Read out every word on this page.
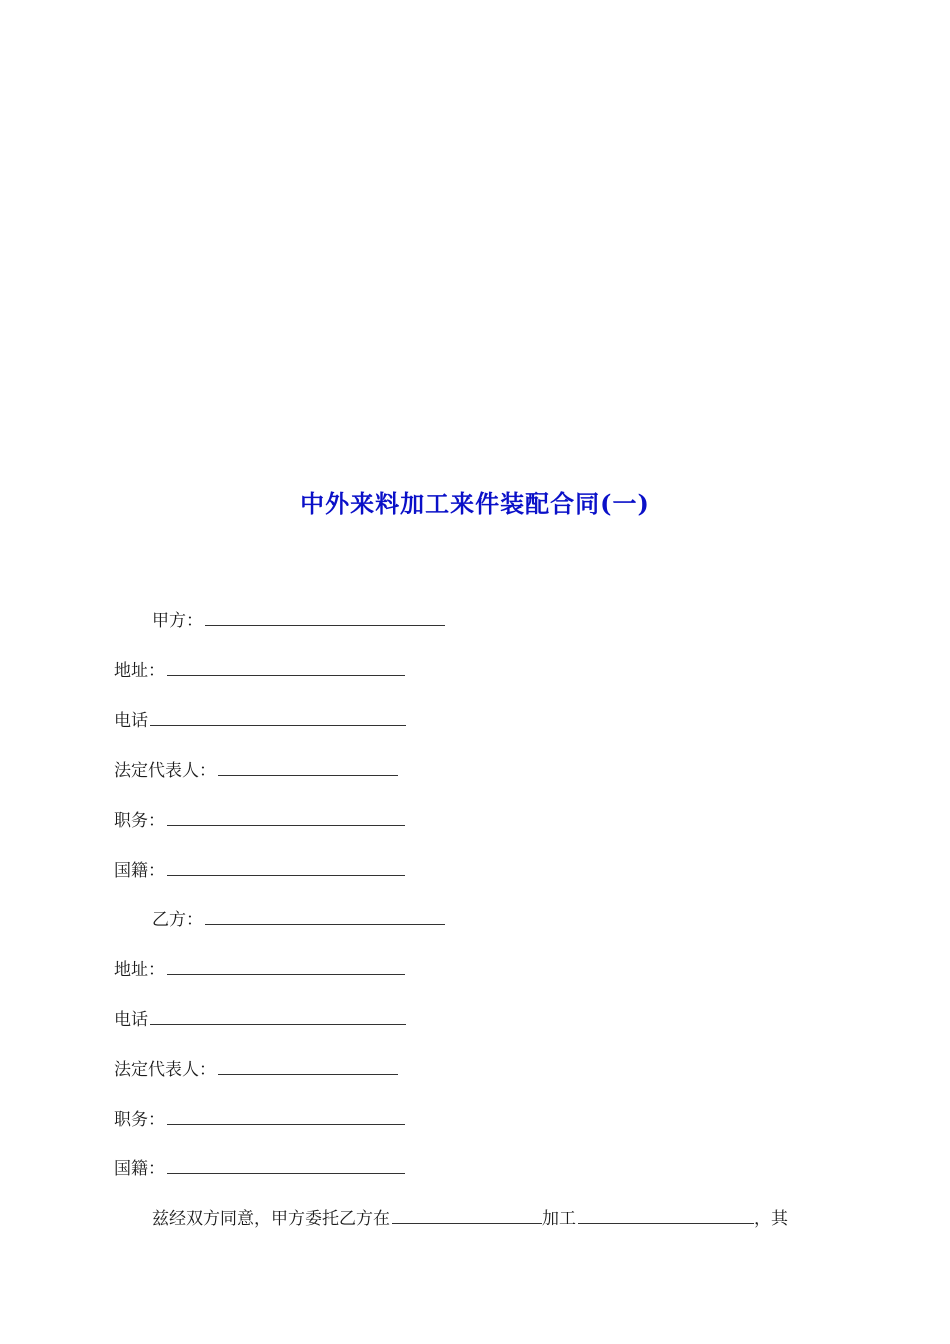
中外来料加工来件装配合同(一)
甲方：
地址：
电话
法定代表人：
职务：
国籍：
乙方：
地址：
电话
法定代表人：
职务：
国籍：
兹经双方同意，甲方委托乙方在	加工	，其
